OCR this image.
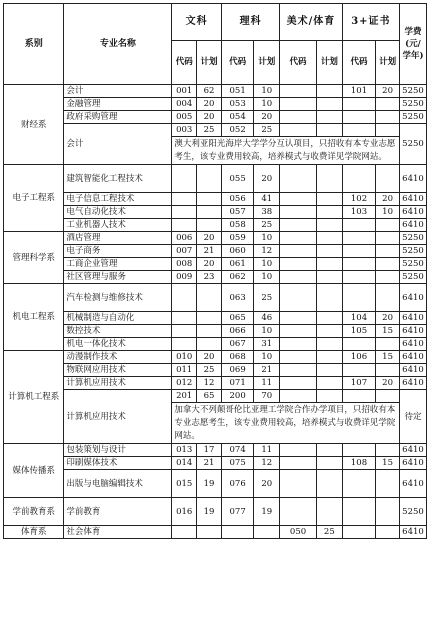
系别	专业名称	文科		理科		美术/体育		3+证书		学费(元/学年)
		代码	计划	代码	计划	代码	计划	代码	计划	
财经系	会计	001	62	051	10			101	20	5250
	金融管理	004	20	053	10					5250
	政府采购管理	005	20	054	20					5250
	会计	003	25	052	25					5250
		澳大利亚阳光海岸大学学分互认项目，只招收有本专业志愿考生，该专业费用较高，培养模式与收费详见学院网站。								
电子工程系	建筑智能化工程技术			055	20					6410
	电子信息工程技术			056	41			102	20	6410
	电气自动化技术			057	38			103	10	6410
	工业机器人技术			058	25					6410
管理科学系	酒店管理	006	20	059	10					5250
	电子商务	007	21	060	12					5250
	工商企业管理	008	20	061	10					5250
	社区管理与服务	009	23	062	10					5250
机电工程系	汽车检测与维修技术			063	25					6410
	机械制造与自动化			065	46			104	20	6410
	数控技术			066	10			105	15	6410
	机电一体化技术			067	31					6410
计算机工程系	动漫制作技术	010	20	068	10			106	15	6410
	物联网应用技术	011	25	069	21					6410
	计算机应用技术	012	12	071	11			107	20	6410
	计算机应用技术	201	65	200	70					待定
		加拿大不列颠哥伦比亚理工学院合作办学项目，只招收有本专业志愿考生，该专业费用较高，培养模式与收费详见学院网站。								
媒体传播系	包装策划与设计	013	17	074	11					6410
	印刷媒体技术	014	21	075	12			108	15	6410
	出版与电脑编辑技术	015	19	076	20					6410
学前教育系	学前教育	016	19	077	19					5250
体育系	社会体育					050	25			6410
